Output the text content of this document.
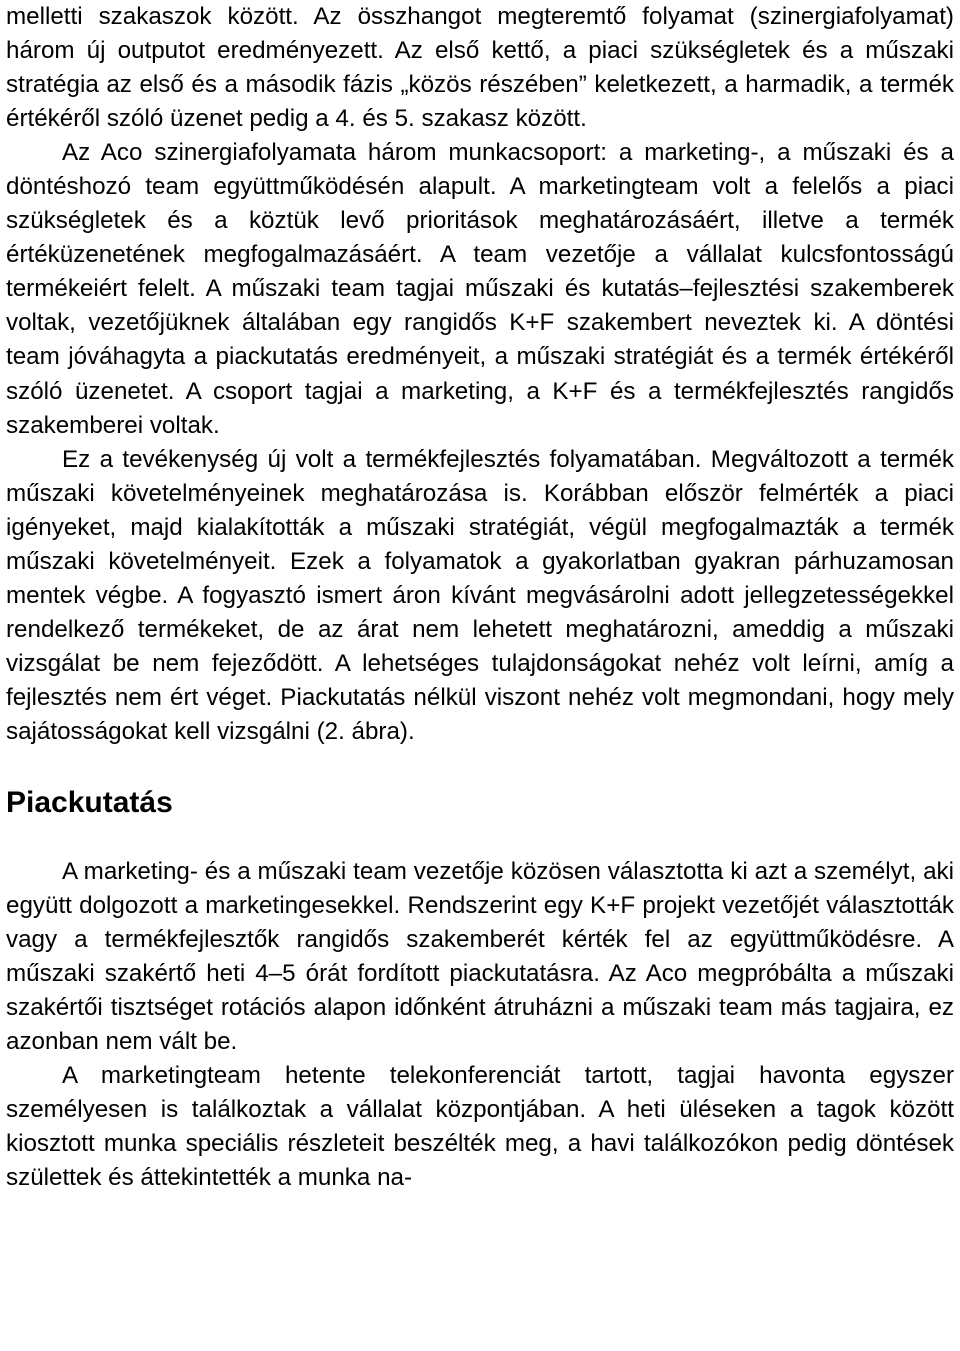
melletti szakaszok között. Az összhangot megteremtő folyamat (szinergiafolyamat) három új outputot eredményezett. Az első kettő, a piaci szükségletek és a műszaki stratégia az első és a második fázis „közös részében” keletkezett, a harmadik, a termék értékéről szóló üzenet pedig a 4. és 5. szakasz között.

Az Aco szinergiafolyamata három munkacsoport: a marketing-, a műszaki és a döntéshozó team együttműködésén alapult. A marketingteam volt a felelős a piaci szükségletek és a köztük levő prioritások meghatározásáért, illetve a termék értéküzenetének megfogalmazásáért. A team vezetője a vállalat kulcsfontosságú termékeiért felelt. A műszaki team tagjai műszaki és kutatás–fejlesztési szakemberek voltak, vezetőjüknek általában egy rangidős K+F szakembert neveztek ki. A döntési team jóváhagyta a piackutatás eredményeit, a műszaki stratégiát és a termék értékéről szóló üzenetet. A csoport tagjai a marketing, a K+F és a termékfejlesztés rangidős szakemberei voltak.

Ez a tevékenység új volt a termékfejlesztés folyamatában. Megváltozott a termék műszaki követelményeinek meghatározása is. Korábban először felmérték a piaci igényeket, majd kialakították a műszaki stratégiát, végül megfogalmazták a termék műszaki követelményeit. Ezek a folyamatok a gyakorlatban gyakran párhuzamosan mentek végbe. A fogyasztó ismert áron kívánt megvásárolni adott jellegzetességekkel rendelkező termékeket, de az árat nem lehetett meghatározni, ameddig a műszaki vizsgálat be nem fejeződött. A lehetséges tulajdonságokat nehéz volt leírni, amíg a fejlesztés nem ért véget. Piackutatás nélkül viszont nehéz volt megmondani, hogy mely sajátosságokat kell vizsgálni (2. ábra).

Piackutatás

A marketing- és a műszaki team vezetője közösen választotta ki azt a személyt, aki együtt dolgozott a marketingesekkel. Rendszerint egy K+F projekt vezetőjét választották vagy a termékfejlesztők rangidős szakemberét kérték fel az együttműködésre. A műszaki szakértő heti 4–5 órát fordított piackutatásra. Az Aco megpróbálta a műszaki szakértői tisztséget rotációs alapon időnként átruházni a műszaki team más tagjaira, ez azonban nem vált be.

A marketingteam hetente telekonferenciát tartott, tagjai havonta egyszer személyesen is találkoztak a vállalat központjában. A heti üléseken a tagok között kiosztott munka speciális részleteit beszélték meg, a havi találkozókon pedig döntések születtek és áttekintették a munka na-
